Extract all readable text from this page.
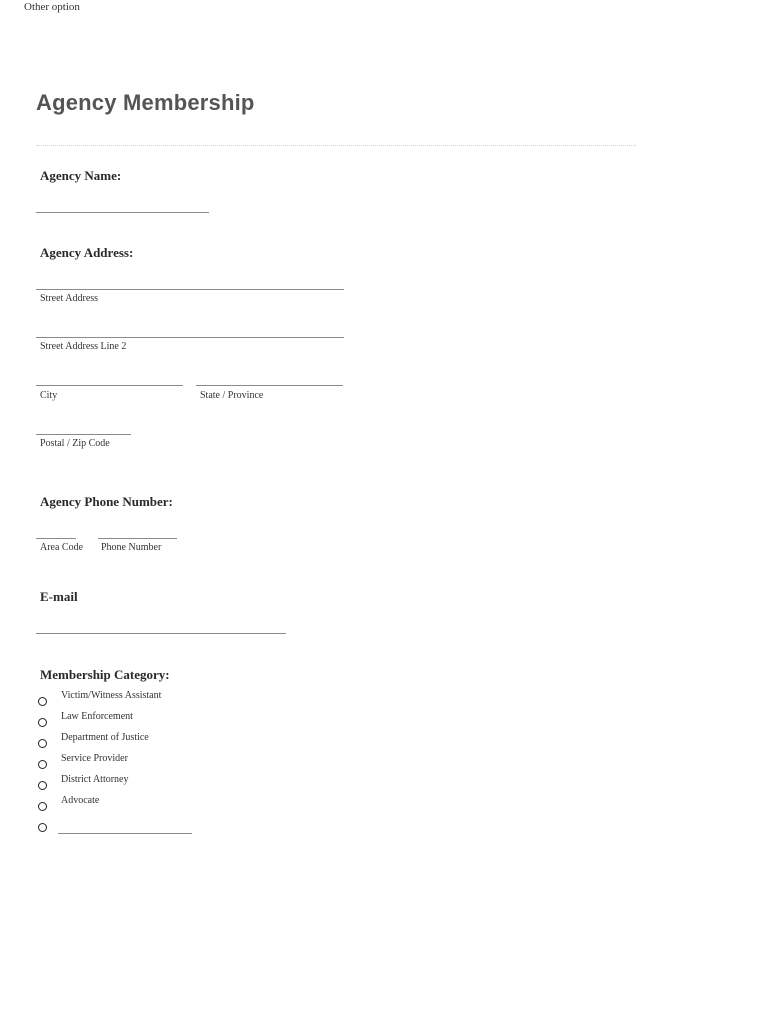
Other option
Agency Membership
Agency Name:
Agency Address:
Street Address
Street Address Line 2
City	State / Province
Postal / Zip Code
Agency Phone Number:
Area Code Phone Number
E-mail
Membership Category:
Victim/Witness Assistant
Law Enforcement
Department of Justice
Service Provider
District Attorney
Advocate
